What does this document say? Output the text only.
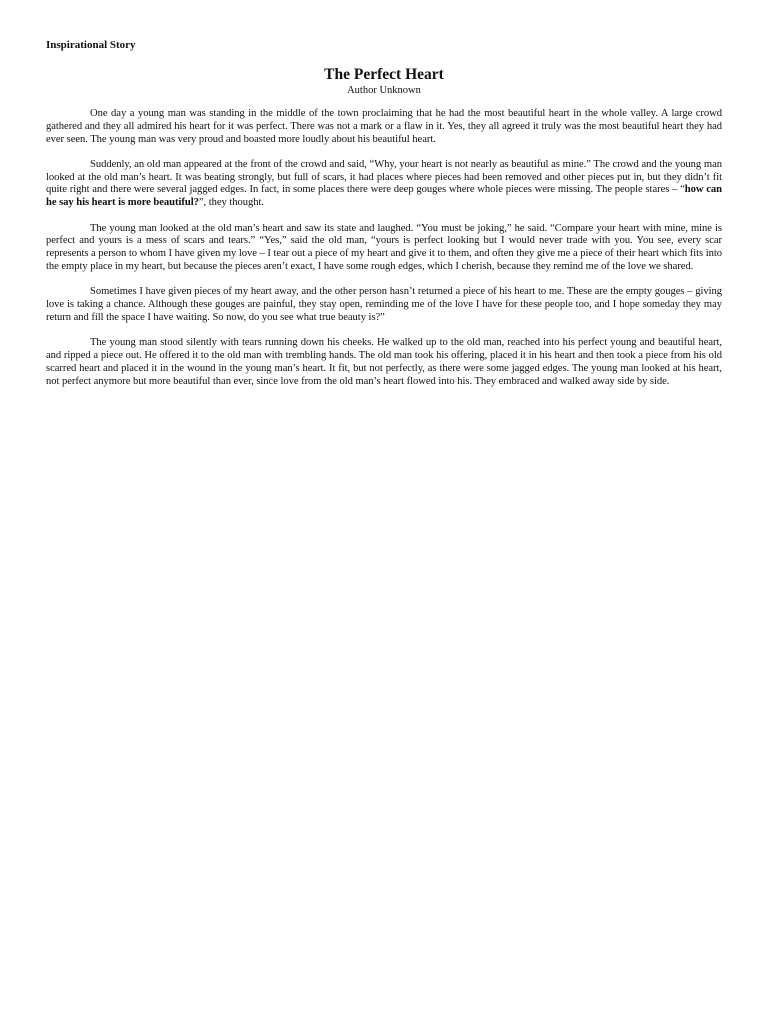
Inspirational Story

The Perfect Heart

Author Unknown

One day a young man was standing in the middle of the town proclaiming that he had the most beautiful heart in the whole valley. A large crowd gathered and they all admired his heart for it was perfect. There was not a mark or a flaw in it. Yes, they all agreed it truly was the most beautiful heart they had ever seen. The young man was very proud and boasted more loudly about his beautiful heart.

Suddenly, an old man appeared at the front of the crowd and said, “Why, your heart is not nearly as beautiful as mine.” The crowd and the young man looked at the old man’s heart. It was beating strongly, but full of scars, it had places where pieces had been removed and other pieces put in, but they didn’t fit quite right and there were several jagged edges. In fact, in some places there were deep gouges where whole pieces were missing. The people stares – “how can he say his heart is more beautiful?”, they thought.

The young man looked at the old man’s heart and saw its state and laughed. “You must be joking,” he said. “Compare your heart with mine, mine is perfect and yours is a mess of scars and tears.” “Yes,” said the old man, “yours is perfect looking but I would never trade with you. You see, every scar represents a person to whom I have given my love – I tear out a piece of my heart and give it to them, and often they give me a piece of their heart which fits into the empty place in my heart, but because the pieces aren’t exact, I have some rough edges, which I cherish, because they remind me of the love we shared.

Sometimes I have given pieces of my heart away, and the other person hasn’t returned a piece of his heart to me. These are the empty gouges – giving love is taking a chance. Although these gouges are painful, they stay open, reminding me of the love I have for these people too, and I hope someday they may return and fill the space I have waiting. So now, do you see what true beauty is?”

The young man stood silently with tears running down his cheeks. He walked up to the old man, reached into his perfect young and beautiful heart, and ripped a piece out. He offered it to the old man with trembling hands. The old man took his offering, placed it in his heart and then took a piece from his old scarred heart and placed it in the wound in the young man’s heart. It fit, but not perfectly, as there were some jagged edges. The young man looked at his heart, not perfect anymore but more beautiful than ever, since love from the old man’s heart flowed into his. They embraced and walked away side by side.
